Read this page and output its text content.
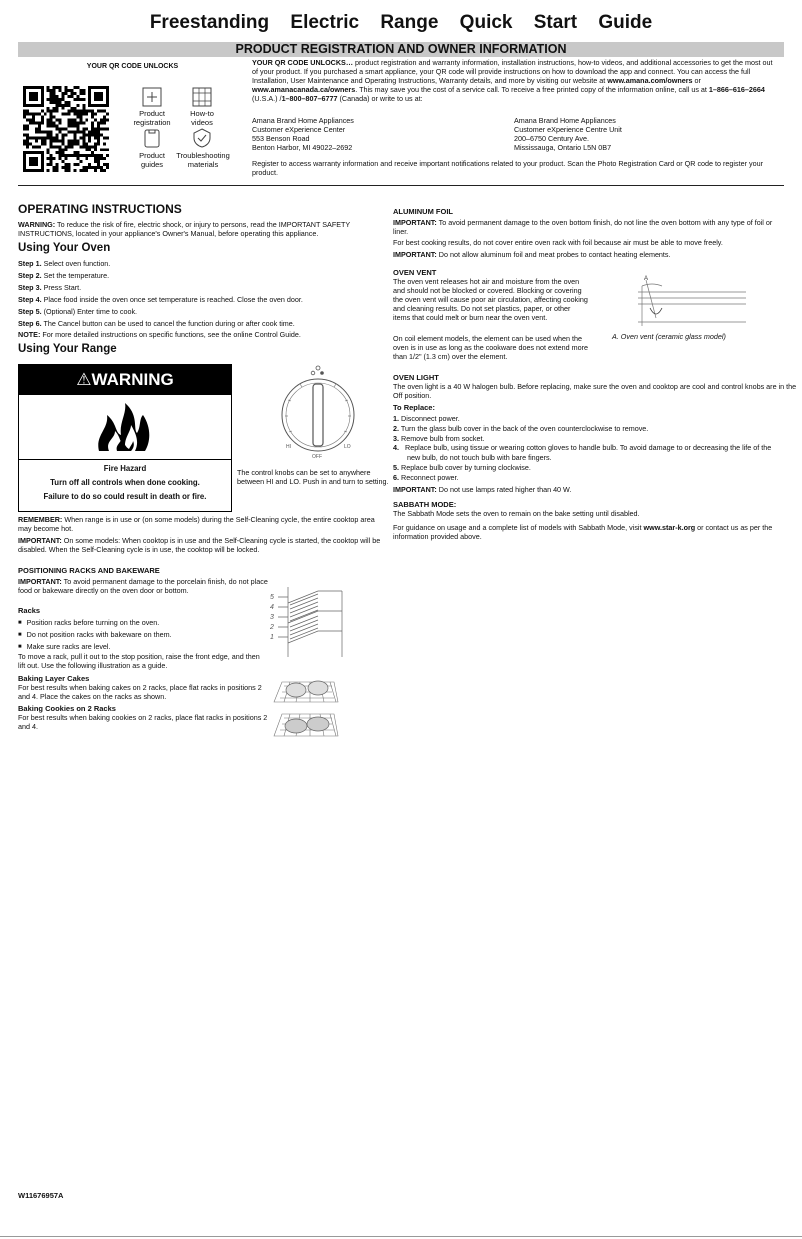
Freestanding Electric Range Quick Start Guide
PRODUCT REGISTRATION AND OWNER INFORMATION
YOUR QR CODE UNLOCKS
Product registration
How-to videos
Product guides
Troubleshooting materials
YOUR QR CODE UNLOCKS… product registration and warranty information, installation instructions, how-to videos, and additional accessories to get the most out of your product. If you purchased a smart appliance, your QR code will provide instructions on how to download the app and connect. You can access the full Installation, User Maintenance and Operating Instructions, Warranty details, and more by visiting our website at www.amana.com/owners or www.amanacanada.ca/owners. This may save you the cost of a service call. To receive a free printed copy of the information online, call us at 1–866–616–2664 (U.S.A.) /1–800–807–6777 (Canada) or write to us at:
Amana Brand Home Appliances
Customer eXperience Center
553 Benson Road
Benton Harbor, MI 49022–2692
Amana Brand Home Appliances
Customer eXperience Centre Unit
200–6750 Century Ave.
Mississauga, Ontario L5N 0B7
Register to access warranty information and receive important notifications related to your product. Scan the Photo Registration Card or QR code to register your product.
OPERATING INSTRUCTIONS
WARNING: To reduce the risk of fire, electric shock, or injury to persons, read the IMPORTANT SAFETY INSTRUCTIONS, located in your appliance's Owner's Manual, before operating this appliance.
Using Your Oven
Step 1. Select oven function.
Step 2. Set the temperature.
Step 3. Press Start.
Step 4. Place food inside the oven once set temperature is reached. Close the oven door.
Step 5. (Optional) Enter time to cook.
Step 6. The Cancel button can be used to cancel the function during or after cook time.
NOTE: For more detailed instructions on specific functions, see the online Control Guide.
Using Your Range
⚠WARNING
Fire Hazard
Turn off all controls when done cooking.
Failure to do so could result in death or fire.
HI	LO
OFF
The control knobs can be set to anywhere between HI and LO. Push in and turn to setting.
REMEMBER: When range is in use or (on some models) during the Self-Cleaning cycle, the entire cooktop area may become hot.
IMPORTANT: On some models: When cooktop is in use and the Self-Cleaning cycle is started, the cooktop will be disabled. When the Self-Cleaning cycle is in use, the cooktop will be locked.
POSITIONING RACKS AND BAKEWARE
IMPORTANT: To avoid permanent damage to the porcelain finish, do not place food or bakeware directly on the oven door or bottom.
Racks
■ Position racks before turning on the oven.
■ Do not position racks with bakeware on them.
■ Make sure racks are level.
To move a rack, pull it out to the stop position, raise the front edge, and then lift out. Use the following illustration as a guide.
Baking Layer Cakes
For best results when baking cakes on 2 racks, place flat racks in positions 2 and 4. Place the cakes on the racks as shown.
Baking Cookies on 2 Racks
For best results when baking cookies on 2 racks, place flat racks in positions 2 and 4.
5
4
3
2
1
ALUMINUM FOIL
IMPORTANT: To avoid permanent damage to the oven bottom finish, do not line the oven bottom with any type of foil or liner.
For best cooking results, do not cover entire oven rack with foil because air must be able to move freely.
IMPORTANT: Do not allow aluminum foil and meat probes to contact heating elements.
OVEN VENT
The oven vent releases hot air and moisture from the oven and should not be blocked or covered. Blocking or covering the oven vent will cause poor air circulation, affecting cooking and cleaning results. Do not set plastics, paper, or other items that could melt or burn near the oven vent.
On coil element models, the element can be used when the oven is in use as long as the cookware does not extend more than 1/2" (1.3 cm) over the element.
A
A. Oven vent (ceramic glass model)
OVEN LIGHT
The oven light is a 40 W halogen bulb. Before replacing, make sure the oven and cooktop are cool and control knobs are in the Off position.
To Replace:
1. Disconnect power.
2. Turn the glass bulb cover in the back of the oven counterclockwise to remove.
3. Remove bulb from socket.
4. Replace bulb, using tissue or wearing cotton gloves to handle bulb. To avoid damage to or decreasing the life of the new bulb, do not touch bulb with bare fingers.
5. Replace bulb cover by turning clockwise.
6. Reconnect power.
IMPORTANT: Do not use lamps rated higher than 40 W.
SABBATH MODE:
The Sabbath Mode sets the oven to remain on the bake setting until disabled.
For guidance on usage and a complete list of models with Sabbath Mode, visit www.star-k.org or contact us as per the information provided above.
W11676957A
